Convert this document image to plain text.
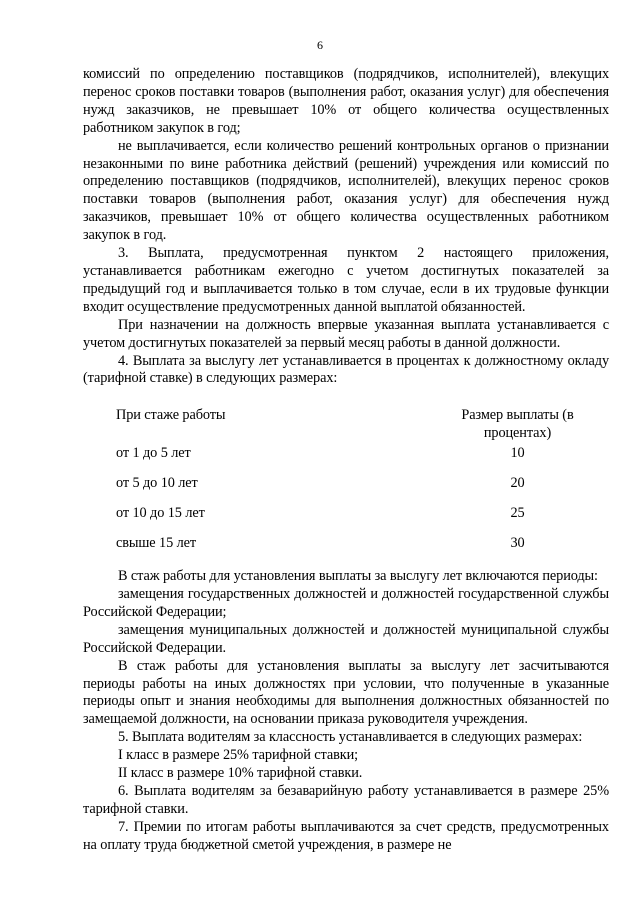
6

комиссий по определению поставщиков (подрядчиков, исполнителей), влекущих перенос сроков поставки товаров (выполнения работ, оказания услуг) для обеспечения нужд заказчиков, не превышает 10% от общего количества осуществленных работником закупок в год;

не выплачивается, если количество решений контрольных органов о признании незаконными по вине работника действий (решений) учреждения или комиссий по определению поставщиков (подрядчиков, исполнителей), влекущих перенос сроков поставки товаров (выполнения работ, оказания услуг) для обеспечения нужд заказчиков, превышает 10% от общего количества осуществленных работником закупок в год.

3. Выплата, предусмотренная пунктом 2 настоящего приложения, устанавливается работникам ежегодно с учетом достигнутых показателей за предыдущий год и выплачивается только в том случае, если в их трудовые функции входит осуществление предусмотренных данной выплатой обязанностей.

При назначении на должность впервые указанная выплата устанавливается с учетом достигнутых показателей за первый месяц работы в данной должности.

4. Выплата за выслугу лет устанавливается в процентах к должностному окладу (тарифной ставке) в следующих размерах:

При стаже работы	Размер выплаты (в процентах)
от 1 до 5 лет	10
от 5 до 10 лет	20
от 10 до 15 лет	25
свыше 15 лет	30

В стаж работы для установления выплаты за выслугу лет включаются периоды:

замещения государственных должностей и должностей государственной службы Российской Федерации;

замещения муниципальных должностей и должностей муниципальной службы Российской Федерации.

В стаж работы для установления выплаты за выслугу лет засчитываются периоды работы на иных должностях при условии, что полученные в указанные периоды опыт и знания необходимы для выполнения должностных обязанностей по замещаемой должности, на основании приказа руководителя учреждения.

5. Выплата водителям за классность устанавливается в следующих размерах:

I класс в размере 25% тарифной ставки;

II класс в размере 10% тарифной ставки.

6. Выплата водителям за безаварийную работу устанавливается в размере 25% тарифной ставки.

7. Премии по итогам работы выплачиваются за счет средств, предусмотренных на оплату труда бюджетной сметой учреждения, в размере не
